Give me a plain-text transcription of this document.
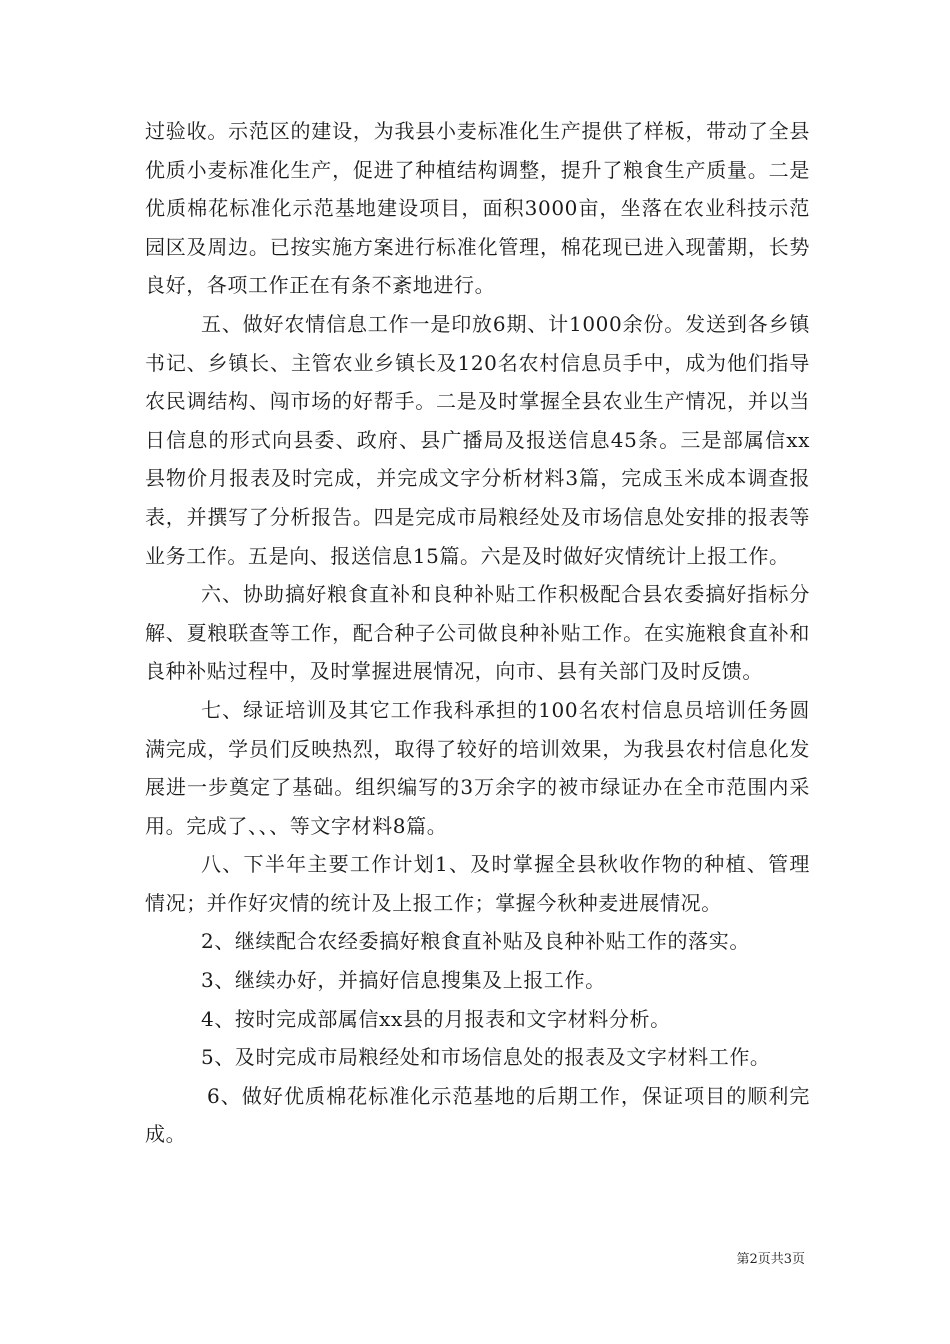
过验收。示范区的建设，为我县小麦标准化生产提供了样板，带动了全县优质小麦标准化生产，促进了种植结构调整，提升了粮食生产质量。二是优质棉花标准化示范基地建设项目，面积3000亩，坐落在农业科技示范园区及周边。已按实施方案进行标准化管理，棉花现已进入现蕾期，长势良好，各项工作正在有条不紊地进行。

五、做好农情信息工作一是印放6期、计1000余份。发送到各乡镇书记、乡镇长、主管农业乡镇长及120名农村信息员手中，成为他们指导农民调结构、闯市场的好帮手。二是及时掌握全县农业生产情况，并以当日信息的形式向县委、政府、县广播局及报送信息45条。三是部属信xx县物价月报表及时完成，并完成文字分析材料3篇，完成玉米成本调查报表，并撰写了分析报告。四是完成市局粮经处及市场信息处安排的报表等业务工作。五是向、报送信息15篇。六是及时做好灾情统计上报工作。

六、协助搞好粮食直补和良种补贴工作积极配合县农委搞好指标分解、夏粮联查等工作，配合种子公司做良种补贴工作。在实施粮食直补和良种补贴过程中，及时掌握进展情况，向市、县有关部门及时反馈。

七、绿证培训及其它工作我科承担的100名农村信息员培训任务圆满完成，学员们反映热烈，取得了较好的培训效果，为我县农村信息化发展进一步奠定了基础。组织编写的3万余字的被市绿证办在全市范围内采用。完成了、、、等文字材料8篇。

八、下半年主要工作计划1、及时掌握全县秋收作物的种植、管理情况；并作好灾情的统计及上报工作；掌握今秋种麦进展情况。

2、继续配合农经委搞好粮食直补贴及良种补贴工作的落实。

3、继续办好，并搞好信息搜集及上报工作。

4、按时完成部属信xx县的月报表和文字材料分析。

5、及时完成市局粮经处和市场信息处的报表及文字材料工作。

6、做好优质棉花标准化示范基地的后期工作，保证项目的顺利完成。

第2页共3页
